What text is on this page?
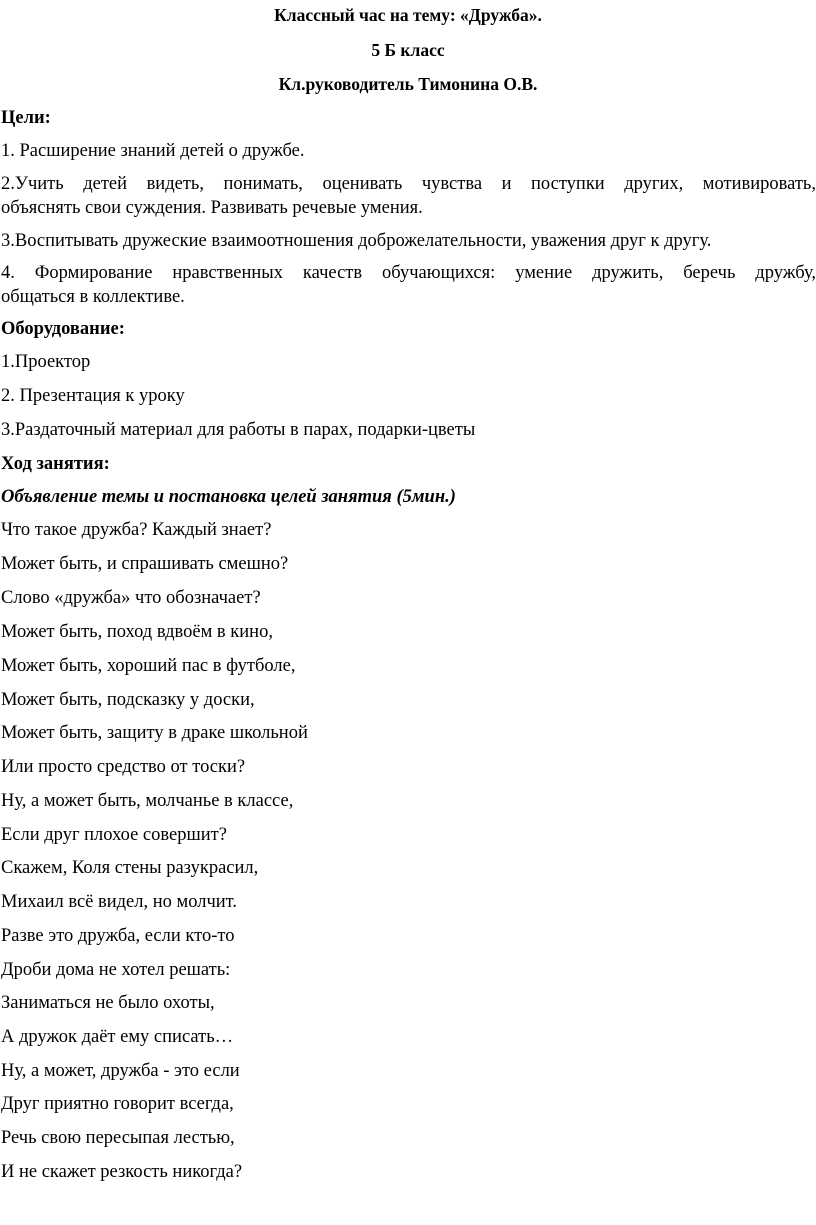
Классный час на тему: «Дружба».
5 Б класс
Кл.руководитель Тимонина О.В.
Цели:
1. Расширение знаний детей о дружбе.
2.Учить детей видеть, понимать, оценивать чувства и поступки других, мотивировать,
объяснять свои суждения. Развивать речевые умения.
3.Воспитывать дружеские взаимоотношения доброжелательности, уважения друг к другу.
4. Формирование нравственных качеств обучающихся: умение дружить, беречь дружбу,
общаться в коллективе.
Оборудование:
1.Проектор
2. Презентация к уроку
3.Раздаточный материал для работы в парах, подарки-цветы
Ход занятия:
Объявление темы и постановка целей занятия (5мин.)
Что такое дружба? Каждый знает?
Может быть, и спрашивать смешно?
Слово «дружба» что обозначает?
Может быть, поход вдвоём в кино,
Может быть, хороший пас в футболе,
Может быть, подсказку у доски,
Может быть, защиту в драке школьной
Или просто средство от тоски?
Ну, а может быть, молчанье в классе,
Если друг плохое совершит?
Скажем, Коля стены разукрасил,
Михаил всё видел, но молчит.
Разве это дружба, если кто-то
Дроби дома не хотел решать:
Заниматься не было охоты,
А дружок даёт ему списать…
Ну, а может, дружба - это если
Друг приятно говорит всегда,
Речь свою пересыпая лестью,
И не скажет резкость никогда?
